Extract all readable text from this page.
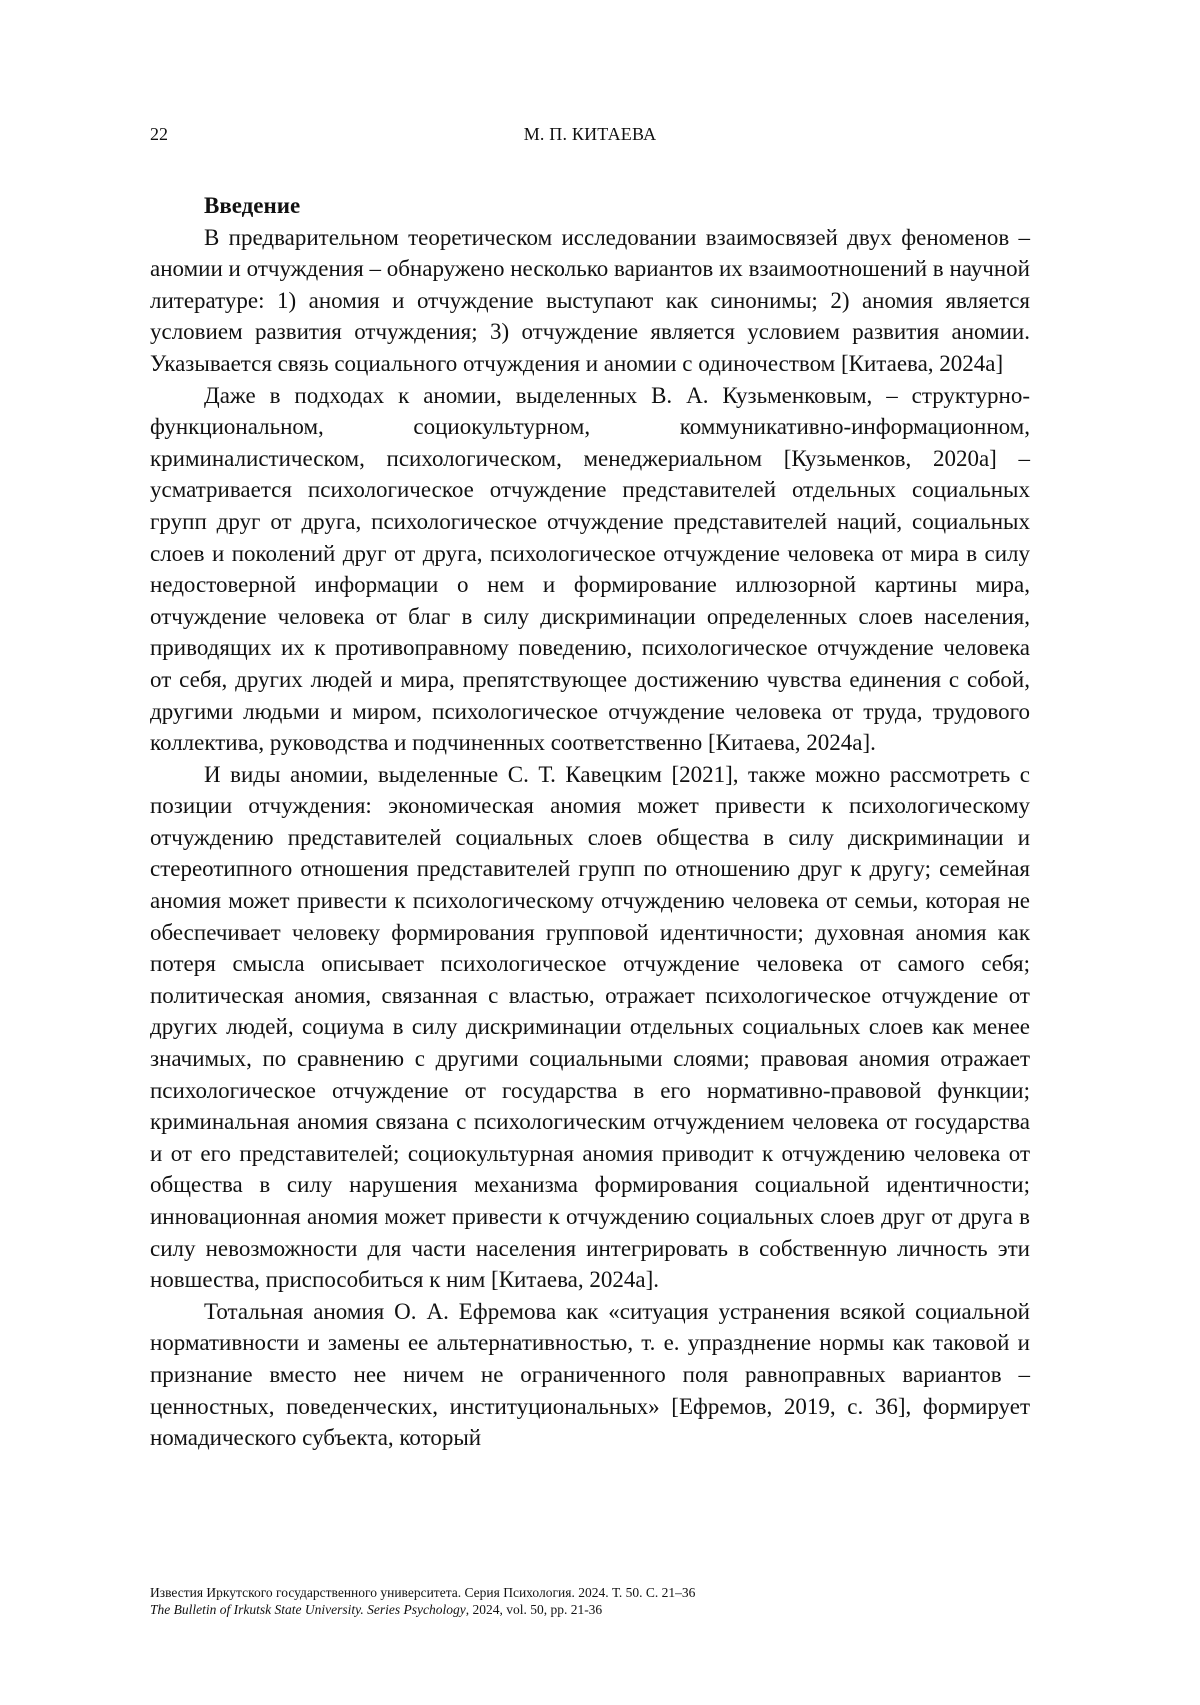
22	М. П. КИТАЕВА

Введение

В предварительном теоретическом исследовании взаимосвязей двух феноменов – аномии и отчуждения – обнаружено несколько вариантов их взаимоотношений в научной литературе: 1) аномия и отчуждение выступают как синонимы; 2) аномия является условием развития отчуждения; 3) отчуждение является условием развития аномии. Указывается связь социального отчуждения и аномии с одиночеством [Китаева, 2024а]

Даже в подходах к аномии, выделенных В. А. Кузьменковым, – структурно-функциональном, социокультурном, коммуникативно-информационном, криминалистическом, психологическом, менеджериальном [Кузьменков, 2020а] – усматривается психологическое отчуждение представителей отдельных социальных групп друг от друга, психологическое отчуждение представителей наций, социальных слоев и поколений друг от друга, психологическое отчуждение человека от мира в силу недостоверной информации о нем и формирование иллюзорной картины мира, отчуждение человека от благ в силу дискриминации определенных слоев населения, приводящих их к противоправному поведению, психологическое отчуждение человека от себя, других людей и мира, препятствующее достижению чувства единения с собой, другими людьми и миром, психологическое отчуждение человека от труда, трудового коллектива, руководства и подчиненных соответственно [Китаева, 2024а].

И виды аномии, выделенные С. Т. Кавецким [2021], также можно рассмотреть с позиции отчуждения: экономическая аномия может привести к психологическому отчуждению представителей социальных слоев общества в силу дискриминации и стереотипного отношения представителей групп по отношению друг к другу; семейная аномия может привести к психологическому отчуждению человека от семьи, которая не обеспечивает человеку формирования групповой идентичности; духовная аномия как потеря смысла описывает психологическое отчуждение человека от самого себя; политическая аномия, связанная с властью, отражает психологическое отчуждение от других людей, социума в силу дискриминации отдельных социальных слоев как менее значимых, по сравнению с другими социальными слоями; правовая аномия отражает психологическое отчуждение от государства в его нормативно-правовой функции; криминальная аномия связана с психологическим отчуждением человека от государства и от его представителей; социокультурная аномия приводит к отчуждению человека от общества в силу нарушения механизма формирования социальной идентичности; инновационная аномия может привести к отчуждению социальных слоев друг от друга в силу невозможности для части населения интегрировать в собственную личность эти новшества, приспособиться к ним [Китаева, 2024а].

Тотальная аномия О. А. Ефремова как «ситуация устранения всякой социальной нормативности и замены ее альтернативностью, т. е. упразднение нормы как таковой и признание вместо нее ничем не ограниченного поля равноправных вариантов – ценностных, поведенческих, институциональных» [Ефремов, 2019, с. 36], формирует номадического субъекта, который

Известия Иркутского государственного университета. Серия Психология. 2024. Т. 50. С. 21–36
The Bulletin of Irkutsk State University. Series Psychology, 2024, vol. 50, pp. 21-36
